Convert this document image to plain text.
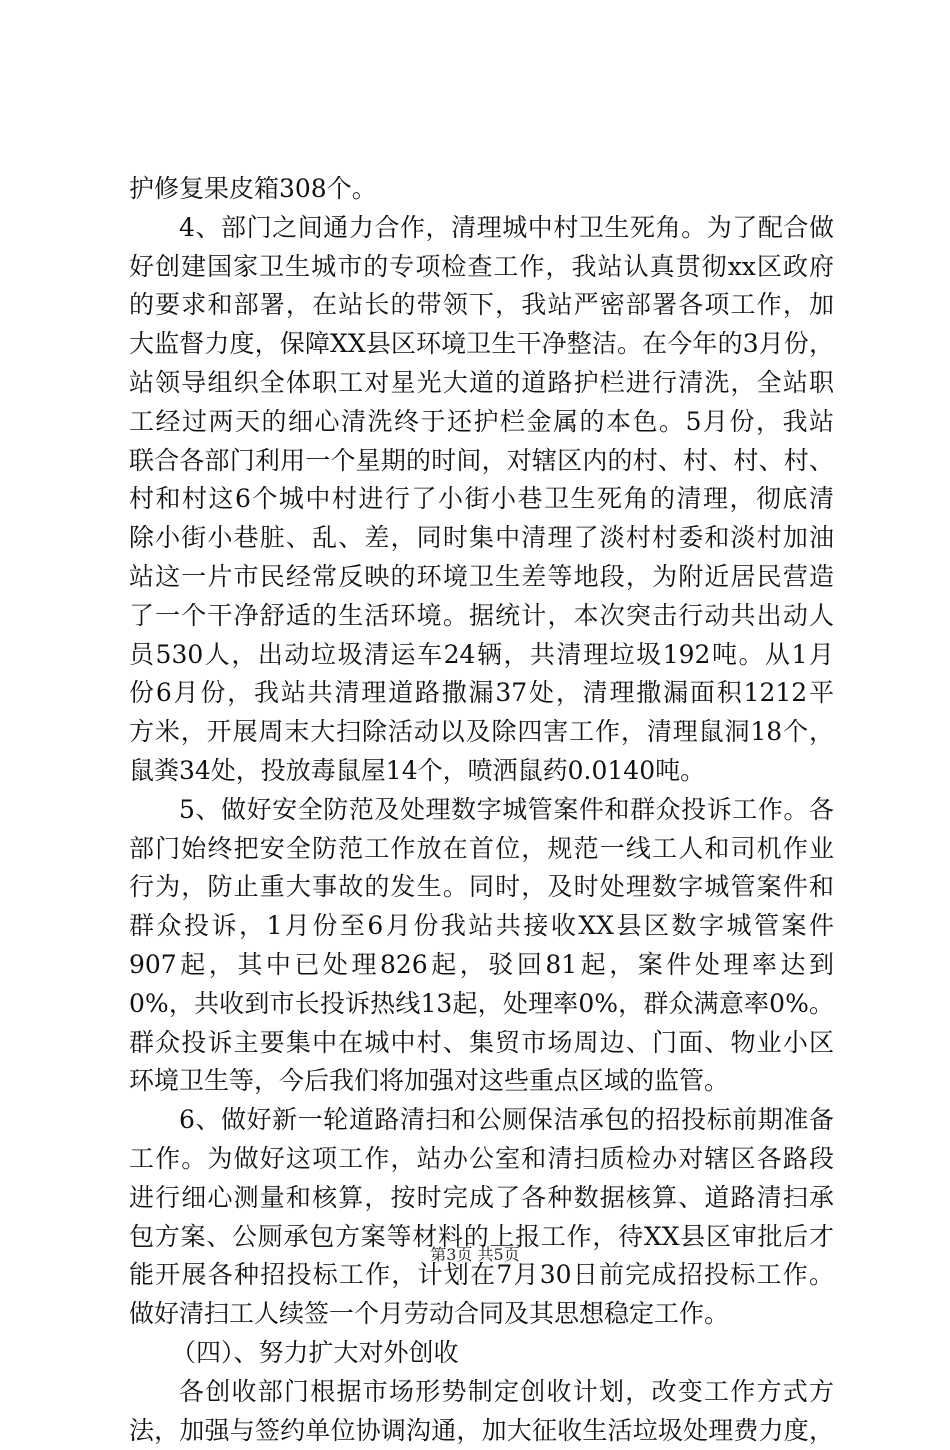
护修复果皮箱308个。
4、部门之间通力合作，清理城中村卫生死角。为了配合做
好创建国家卫生城市的专项检查工作，我站认真贯彻xx区政府
的要求和部署，在站长的带领下，我站严密部署各项工作，加
大监督力度，保障XX县区环境卫生干净整洁。在今年的3月份，
站领导组织全体职工对星光大道的道路护栏进行清洗，全站职
工经过两天的细心清洗终于还护栏金属的本色。5月份，我站
联合各部门利用一个星期的时间，对辖区内的村、村、村、村、
村和村这6个城中村进行了小街小巷卫生死角的清理，彻底清
除小街小巷脏、乱、差，同时集中清理了淡村村委和淡村加油
站这一片市民经常反映的环境卫生差等地段，为附近居民营造
了一个干净舒适的生活环境。据统计，本次突击行动共出动人
员530人，出动垃圾清运车24辆，共清理垃圾192吨。从1月
份6月份，我站共清理道路撒漏37处，清理撒漏面积1212平
方米，开展周末大扫除活动以及除四害工作，清理鼠洞18个，
鼠粪34处，投放毒鼠屋14个，喷洒鼠药0.0140吨。
5、做好安全防范及处理数字城管案件和群众投诉工作。各
部门始终把安全防范工作放在首位，规范一线工人和司机作业
行为，防止重大事故的发生。同时，及时处理数字城管案件和
群众投诉，1月份至6月份我站共接收XX县区数字城管案件
907起，其中已处理826起，驳回81起，案件处理率达到
0%，共收到市长投诉热线13起，处理率0%，群众满意率0%。
群众投诉主要集中在城中村、集贸市场周边、门面、物业小区
环境卫生等，今后我们将加强对这些重点区域的监管。
6、做好新一轮道路清扫和公厕保洁承包的招投标前期准备
工作。为做好这项工作，站办公室和清扫质检办对辖区各路段
进行细心测量和核算，按时完成了各种数据核算、道路清扫承
包方案、公厕承包方案等材料的上报工作，待XX县区审批后才
能开展各种招投标工作，计划在7月30日前完成招投标工作。
做好清扫工人续签一个月劳动合同及其思想稳定工作。
（四）、努力扩大对外创收
各创收部门根据市场形势制定创收计划，改变工作方式方
法，加强与签约单位协调沟通，加大征收生活垃圾处理费力度，
第3页 共5页
